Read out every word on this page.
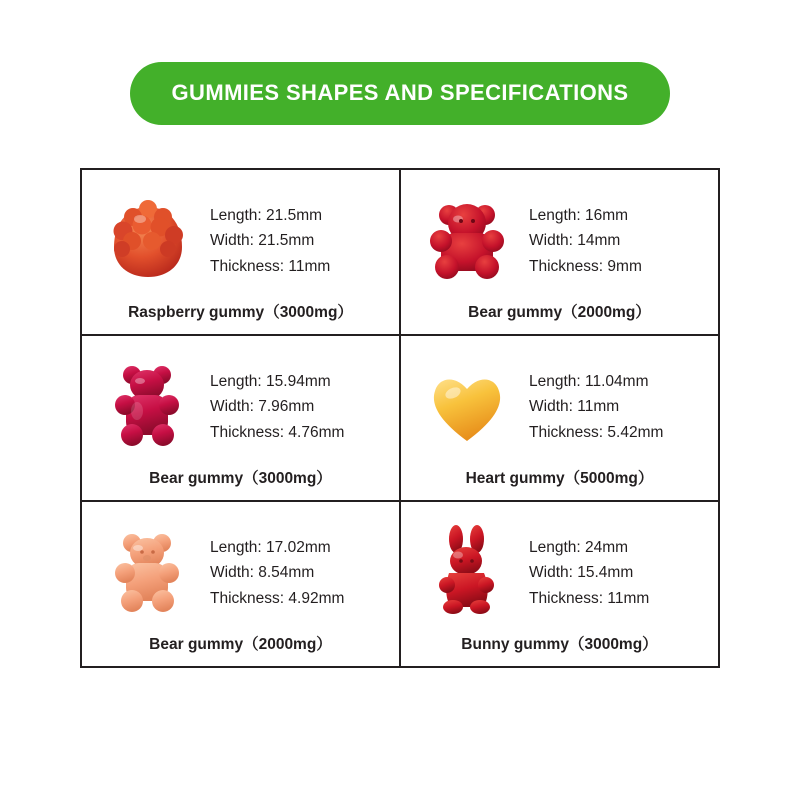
GUMMIES SHAPES AND SPECIFICATIONS
Length: 21.5mm
Width: 21.5mm
Thickness: 11mm
Raspberry gummy（3000mg）

Length: 16mm
Width: 14mm
Thickness: 9mm
Bear gummy（2000mg）

Length: 15.94mm
Width: 7.96mm
Thickness: 4.76mm
Bear gummy（3000mg）

Length: 11.04mm
Width: 11mm
Thickness: 5.42mm
Heart gummy（5000mg）

Length: 17.02mm
Width: 8.54mm
Thickness: 4.92mm
Bear gummy（2000mg）

Length: 24mm
Width: 15.4mm
Thickness: 11mm
Bunny gummy（3000mg）
